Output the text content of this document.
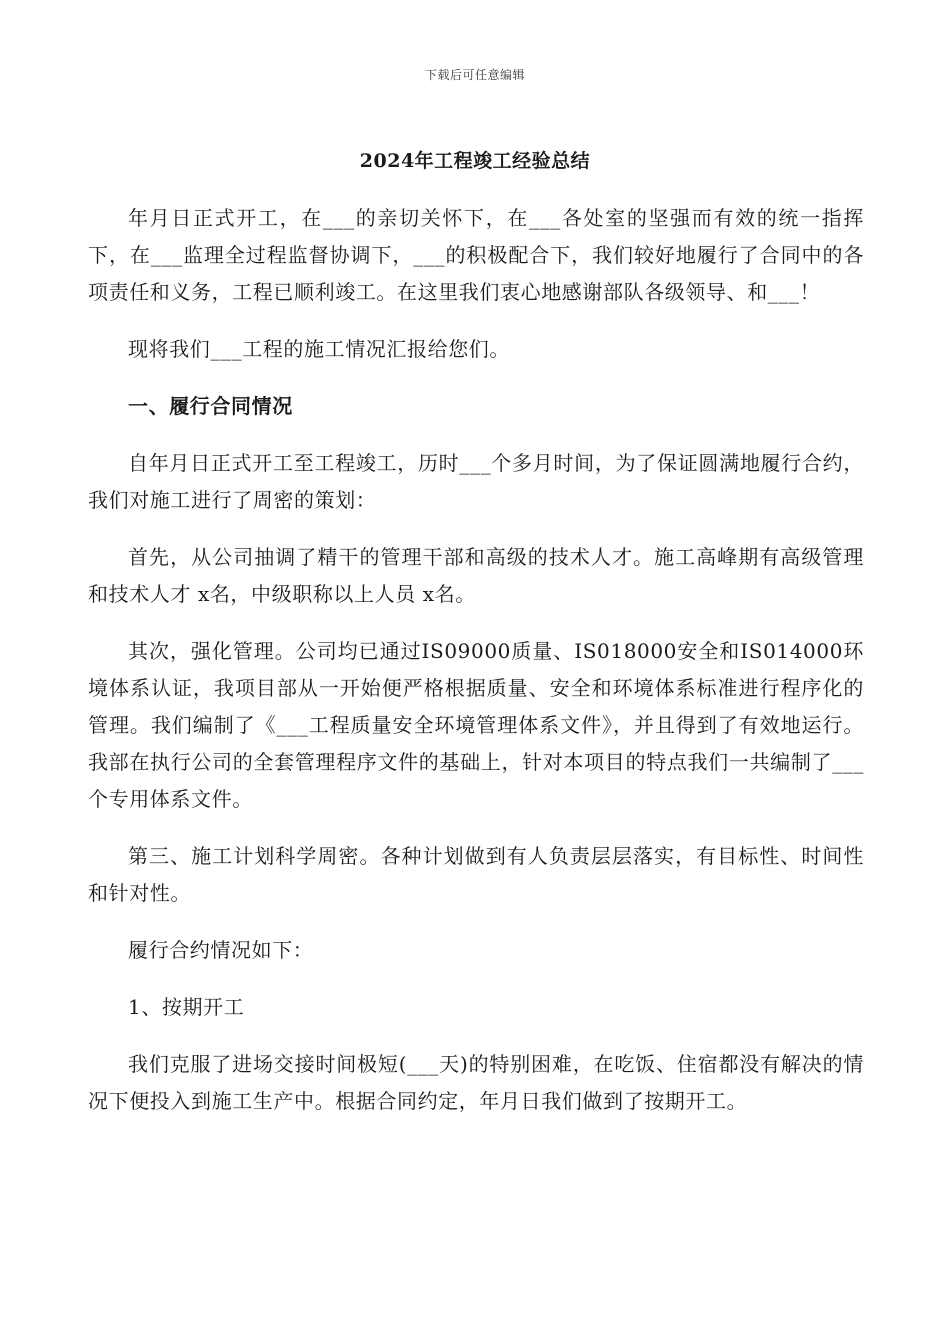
下载后可任意编辑
2024年工程竣工经验总结

年月日正式开工，在___的亲切关怀下，在___各处室的坚强而有效的统一指挥下，在___监理全过程监督协调下，___的积极配合下，我们较好地履行了合同中的各项责任和义务，工程已顺利竣工。在这里我们衷心地感谢部队各级领导、和___！

现将我们___工程的施工情况汇报给您们。

一、履行合同情况

自年月日正式开工至工程竣工，历时___个多月时间，为了保证圆满地履行合约，我们对施工进行了周密的策划：

首先，从公司抽调了精干的管理干部和高级的技术人才。施工高峰期有高级管理和技术人才 x名，中级职称以上人员 x名。

其次，强化管理。公司均已通过IS09000质量、IS018000安全和IS014000环境体系认证，我项目部从一开始便严格根据质量、安全和环境体系标准进行程序化的管理。我们编制了《___工程质量安全环境管理体系文件》，并且得到了有效地运行。我部在执行公司的全套管理程序文件的基础上，针对本项目的特点我们一共编制了___个专用体系文件。

第三、施工计划科学周密。各种计划做到有人负责层层落实，有目标性、时间性和针对性。

履行合约情况如下：

1、按期开工

我们克服了进场交接时间极短(___天)的特别困难，在吃饭、住宿都没有解决的情况下便投入到施工生产中。根据合同约定，年月日我们做到了按期开工。
